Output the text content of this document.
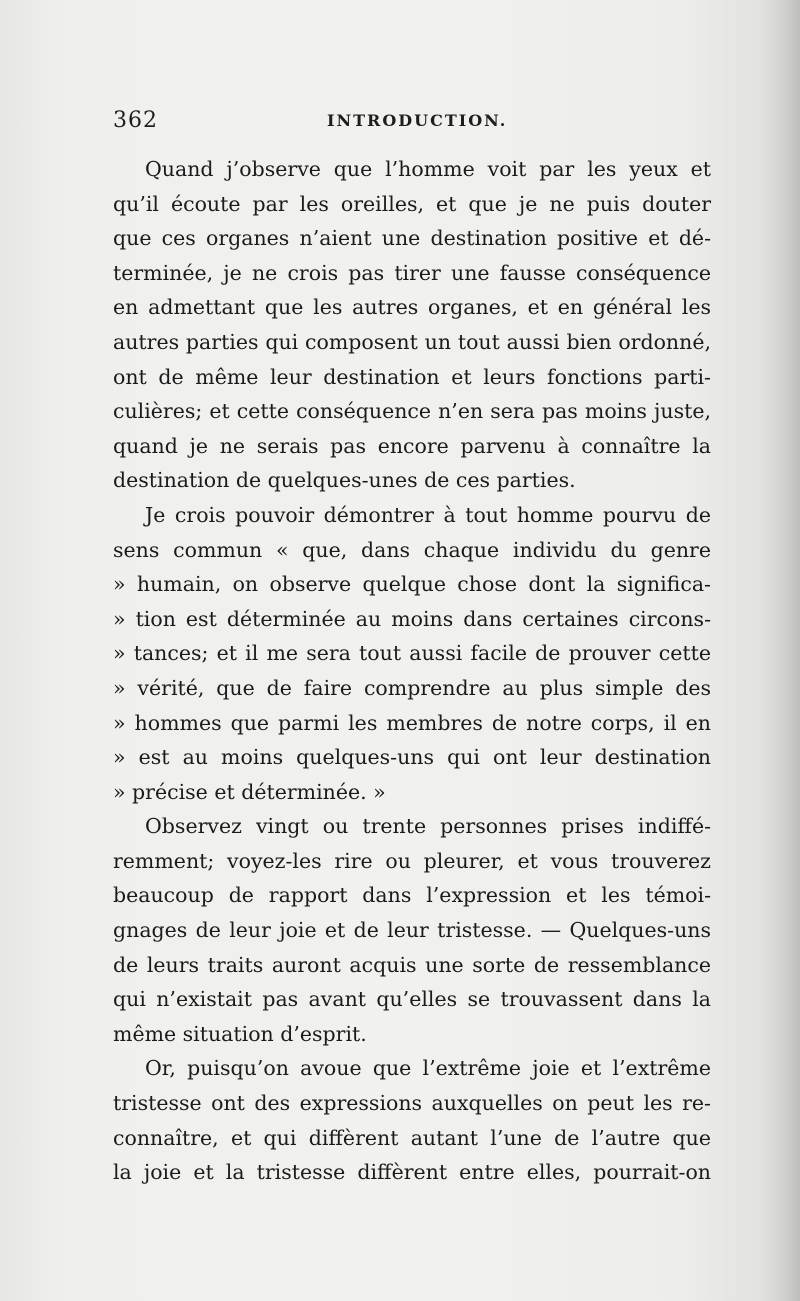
362	INTRODUCTION.
Quand j’observe que l’homme voit par les yeux et
qu’il écoute par les oreilles, et que je ne puis douter
que ces organes n’aient une destination positive et dé-
terminée, je ne crois pas tirer une fausse conséquence
en admettant que les autres organes, et en général les
autres parties qui composent un tout aussi bien ordonné,
ont de même leur destination et leurs fonctions parti-
culières; et cette conséquence n’en sera pas moins juste,
quand je ne serais pas encore parvenu à connaître la
destination de quelques-unes de ces parties.
Je crois pouvoir démontrer à tout homme pourvu de
sens commun « que, dans chaque individu du genre
» humain, on observe quelque chose dont la significa-
» tion est déterminée au moins dans certaines circons-
» tances; et il me sera tout aussi facile de prouver cette
» vérité, que de faire comprendre au plus simple des
» hommes que parmi les membres de notre corps, il en
» est au moins quelques-uns qui ont leur destination
» précise et déterminée. »
Observez vingt ou trente personnes prises indiffé-
remment; voyez-les rire ou pleurer, et vous trouverez
beaucoup de rapport dans l’expression et les témoi-
gnages de leur joie et de leur tristesse. — Quelques-uns
de leurs traits auront acquis une sorte de ressemblance
qui n’existait pas avant qu’elles se trouvassent dans la
même situation d’esprit.
Or, puisqu’on avoue que l’extrême joie et l’extrême
tristesse ont des expressions auxquelles on peut les re-
connaître, et qui diffèrent autant l’une de l’autre que
la joie et la tristesse diffèrent entre elles, pourrait-on
